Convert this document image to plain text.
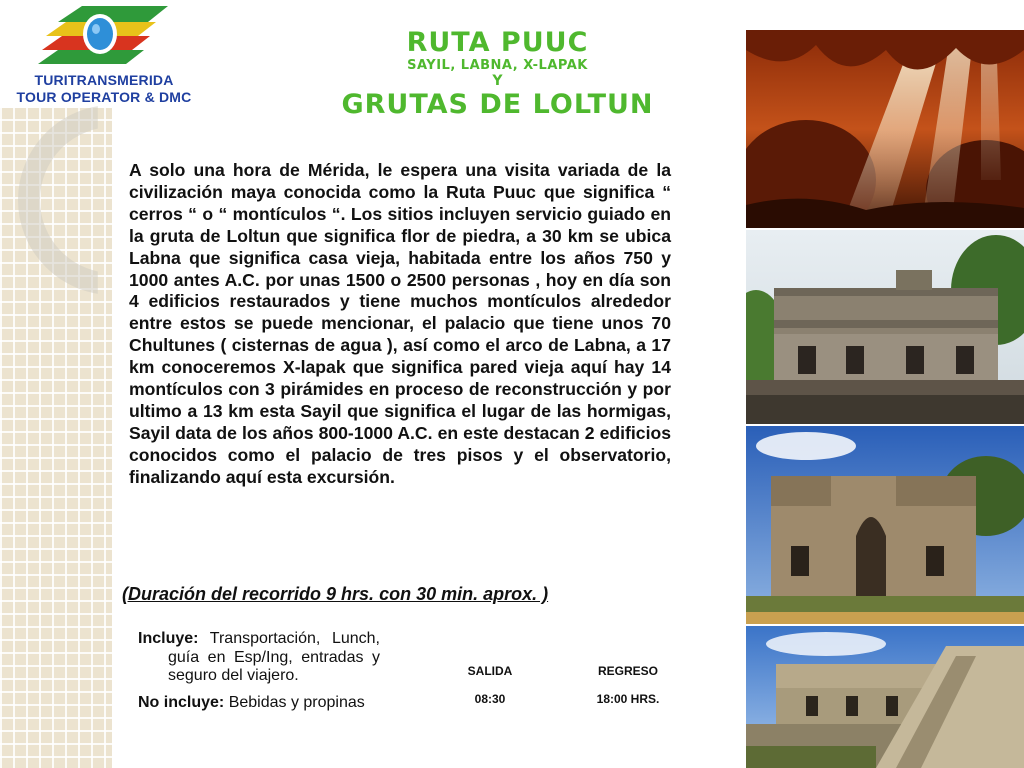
TURITRANSMERIDA
TOUR OPERATOR & DMC
RUTA PUUC
SAYIL, LABNA, X-LAPAK
Y
GRUTAS DE LOLTUN
A solo una hora de Mérida, le espera una visita variada de la civilización maya conocida como la Ruta Puuc que significa “ cerros “ o “ montículos “. Los sitios incluyen servicio guiado en la gruta de Loltun que significa flor de piedra, a 30 km se ubica Labna que significa casa vieja, habitada entre los años 750 y 1000 antes A.C. por unas 1500 o 2500 personas , hoy en día son 4 edificios restaurados y tiene muchos montículos alrededor entre estos se puede mencionar, el palacio que tiene unos 70 Chultunes ( cisternas de agua ), así como el arco de Labna, a 17 km conoceremos X-lapak que significa pared vieja aquí hay 14 montículos con 3 pirámides en proceso de reconstrucción y por ultimo a 13 km esta Sayil que significa el lugar de las hormigas, Sayil data de los años 800-1000 A.C. en este destacan 2 edificios conocidos como el palacio de tres pisos y el observatorio, finalizando aquí esta excursión.
(Duración del recorrido 9 hrs. con 30 min. aprox. )
Incluye: Transportación, Lunch, guía en Esp/Ing, entradas y seguro del viajero.
No incluye: Bebidas y propinas
SALIDA
08:30
REGRESO
18:00 HRS.
